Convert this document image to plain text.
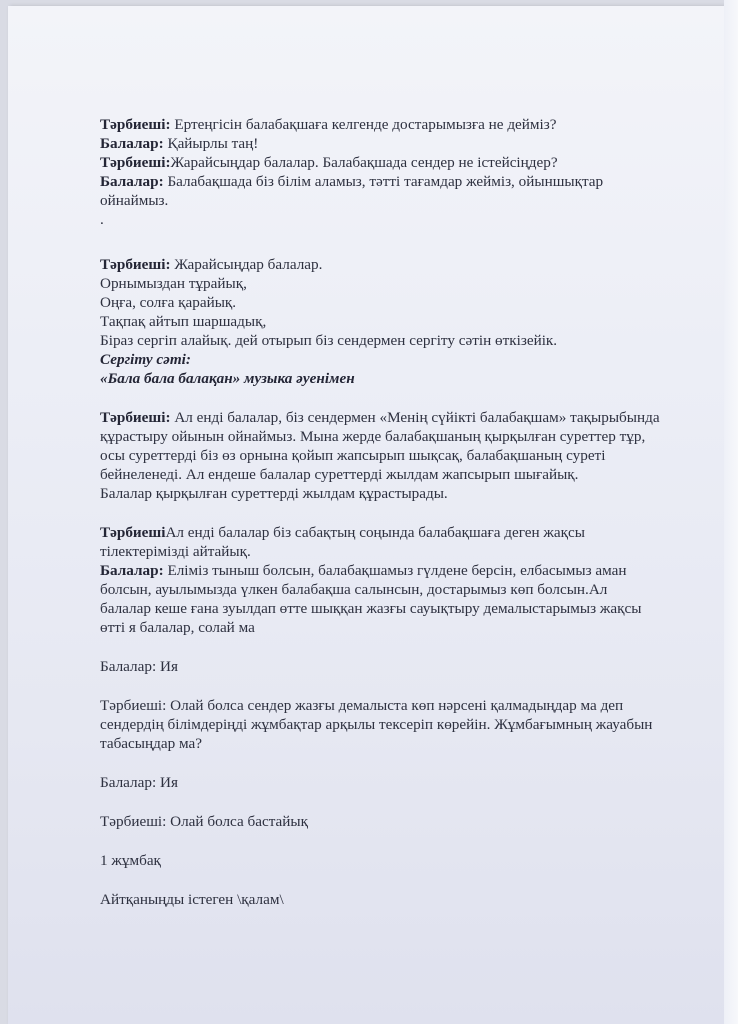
Тәрбиеші: Ертеңгісін балабақшаға келгенде достарымызға не дейміз?

Балалар: Қайырлы таң!

Тәрбиеші:Жарайсыңдар балалар. Балабақшада сендер не істейсіңдер?

Балалар: Балабақшада біз білім аламыз, тәтті тағамдар жейміз, ойыншықтар ойнаймыз.

.

Тәрбиеші: Жарайсыңдар балалар.

Орнымыздан тұрайық,

Оңға, солға қарайық.

Тақпақ айтып шаршадық,

Біраз сергіп алайық. дей отырып біз сендермен сергіту сәтін өткізейік.

Сергіту сәті:

«Бала бала балақан» музыка әуенімен

Тәрбиеші: Ал енді балалар, біз сендермен «Менің сүйікті балабақшам» тақырыбында құрастыру ойынын ойнаймыз. Мына жерде балабақшаның қырқылған суреттер тұр, осы суреттерді біз өз орнына қойып жапсырып шықсақ, балабақшаның суреті бейнеленеді. Ал ендеше балалар суреттерді жылдам жапсырып шығайық.

Балалар қырқылған суреттерді жылдам құрастырады.

ТәрбиешіАл енді балалар біз сабақтың соңында балабақшаға деген жақсы тілектерімізді айтайық.

Балалар: Еліміз тыныш болсын, балабақшамыз гүлдене берсін, елбасымыз аман болсын, ауылымызда үлкен балабақша салынсын, достарымыз көп болсын.Ал балалар кеше ғана зуылдап өтте шыққан жазғы сауықтыру демалыстарымыз жақсы өтті я балалар, солай ма

Балалар: Ия

Тәрбиеші: Олай болса сендер жазғы демалыста көп нәрсені қалмадыңдар ма деп сендердің білімдеріңді жұмбақтар арқылы тексеріп көрейін. Жұмбағымның жауабын табасыңдар ма?

Балалар: Ия

Тәрбиеші: Олай болса бастайық

1 жұмбақ

Айтқаныңды істеген \қалам\
